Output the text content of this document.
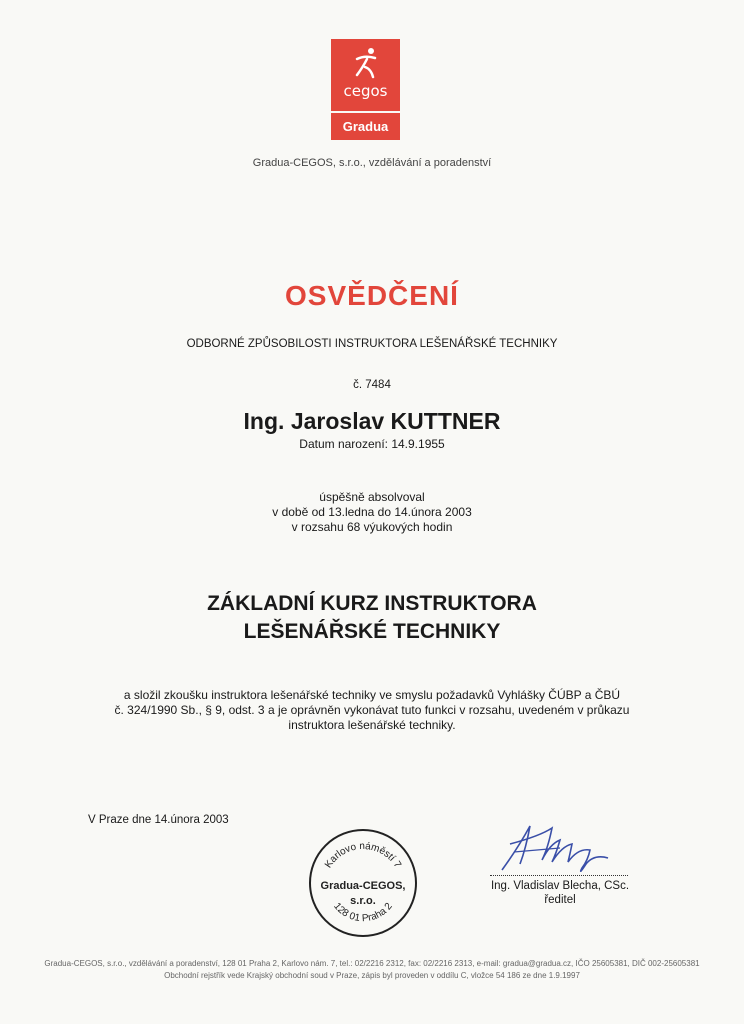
cegos
Gradua
Gradua-CEGOS, s.r.o., vzdělávání a poradenství
OSVĚDČENÍ
ODBORNÉ ZPŮSOBILOSTI INSTRUKTORA LEŠENÁŘSKÉ TECHNIKY
č. 7484
Ing. Jaroslav KUTTNER
Datum narození: 14.9.1955
úspěšně absolvoval
v době od 13.ledna do 14.února 2003
v rozsahu 68 výukových hodin
ZÁKLADNÍ KURZ INSTRUKTORA
LEŠENÁŘSKÉ TECHNIKY
a složil zkoušku instruktora lešenářské techniky ve smyslu požadavků Vyhlášky ČÚBP a ČBÚ
č. 324/1990 Sb., § 9, odst. 3 a je oprávněn vykonávat tuto funkci v rozsahu, uvedeném v průkazu
instruktora lešenářské techniky.
V Praze dne 14.února 2003
Karlovo náměstí 7
Gradua-CEGOS,
s.r.o.
128 01 Praha 2
Ing. Vladislav Blecha, CSc.
ředitel
Gradua-CEGOS, s.r.o., vzdělávání a poradenství, 128 01 Praha 2, Karlovo nám. 7, tel.: 02/2216 2312, fax: 02/2216 2313, e-mail: gradua@gradua.cz, IČO 25605381, DIČ 002-25605381
Obchodní rejstřík vede Krajský obchodní soud v Praze, zápis byl proveden v oddílu C, vložce 54 186 ze dne 1.9.1997
